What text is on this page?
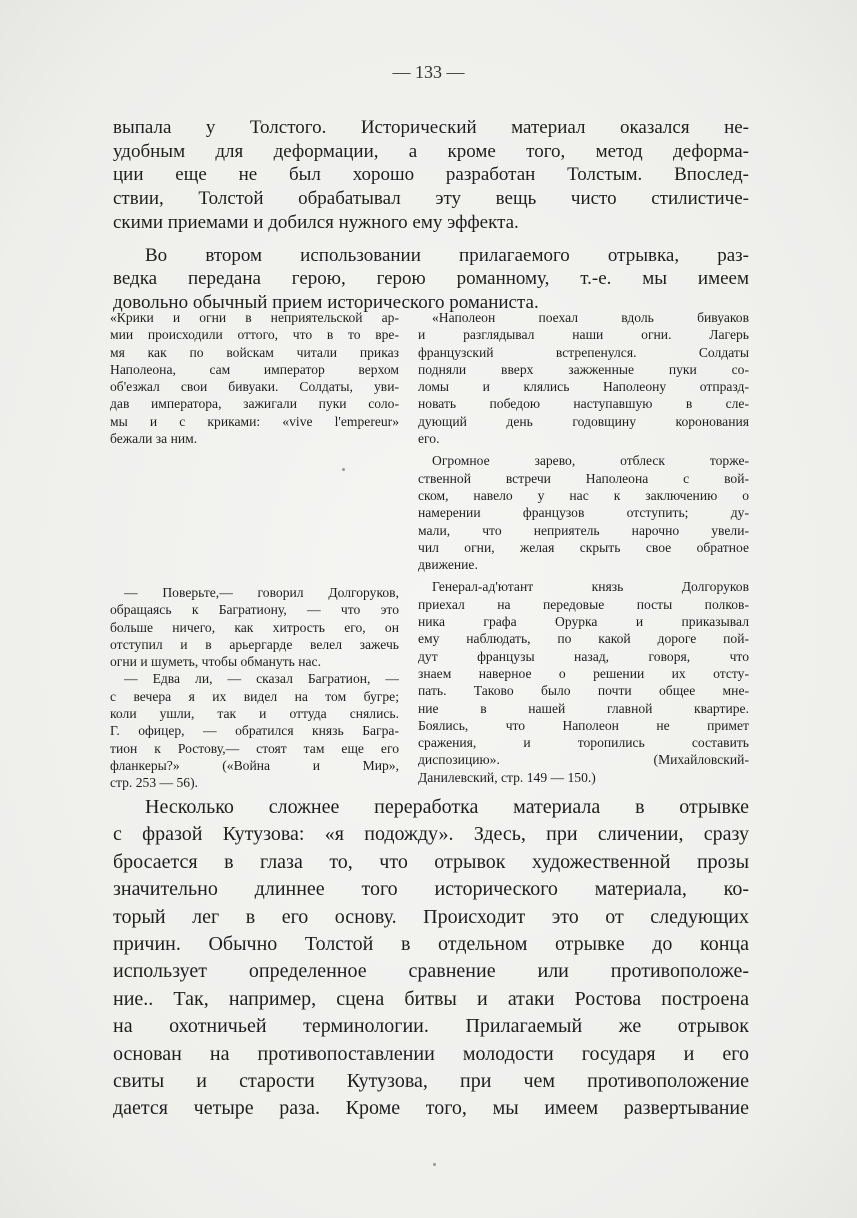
— 133 —
выпала у Толстого. Исторический материал оказался не-
удобным для деформации, а кроме того, метод деформа-
ции еще не был хорошо разработан Толстым. Впослед-
ствии, Толстой обрабатывал эту вещь чисто стилистиче-
скими приемами и добился нужного ему эффекта.
Во втором использовании прилагаемого отрывка, раз-
ведка передана герою, герою романному, т.-е. мы имеем
довольно обычный прием исторического романиста.
«Крики и огни в неприятельской ар-
мии происходили оттого, что в то вре-
мя как по войскам читали приказ
Наполеона, сам император верхом
об'езжал свои бивуаки. Солдаты, уви-
дав императора, зажигали пуки соло-
мы и с криками: «vive l'empereur»
бежали за ним.
— Поверьте,— говорил Долгоруков,
обращаясь к Багратиону, — что это
больше ничего, как хитрость его, он
отступил и в арьергарде велел зажечь
огни и шуметь, чтобы обмануть нас.
— Едва ли, — сказал Багратион, —
с вечера я их видел на том бугре;
коли ушли, так и оттуда снялись.
Г. офицер, — обратился князь Багра-
тион к Ростову,— стоят там еще его
фланкеры?» («Война и Мир»,
стр. 253 — 56).
«Наполеон поехал вдоль бивуаков
и разглядывал наши огни. Лагерь
французский встрепенулся. Солдаты
подняли вверх зажженные пуки со-
ломы и клялись Наполеону отпразд-
новать победою наступавшую в сле-
дующий день годовщину коронования
его.
Огромное зарево, отблеск торже-
ственной встречи Наполеона с вой-
ском, навело у нас к заключению о
намерении французов отступить; ду-
мали, что неприятель нарочно увели-
чил огни, желая скрыть свое обратное
движение.
Генерал-ад'ютант князь Долгоруков
приехал на передовые посты полков-
ника графа Орурка и приказывал
ему наблюдать, по какой дороге пой-
дут французы назад, говоря, что
знаем наверное о решении их отсту-
пать. Таково было почти общее мне-
ние в нашей главной квартире.
Боялись, что Наполеон не примет
сражения, и торопились составить
диспозицию». (Михайловский-
Данилевский, стр. 149 — 150.)
Несколько сложнее переработка материала в отрывке
с фразой Кутузова: «я подожду». Здесь, при сличении, сразу
бросается в глаза то, что отрывок художественной прозы
значительно длиннее того исторического материала, ко-
торый лег в его основу. Происходит это от следующих
причин. Обычно Толстой в отдельном отрывке до конца
использует определенное сравнение или противоположе-
ние.. Так, например, сцена битвы и атаки Ростова построена
на охотничьей терминологии. Прилагаемый же отрывок
основан на противопоставлении молодости государя и его
свиты и старости Кутузова, при чем противоположение
дается четыре раза. Кроме того, мы имеем развертывание
